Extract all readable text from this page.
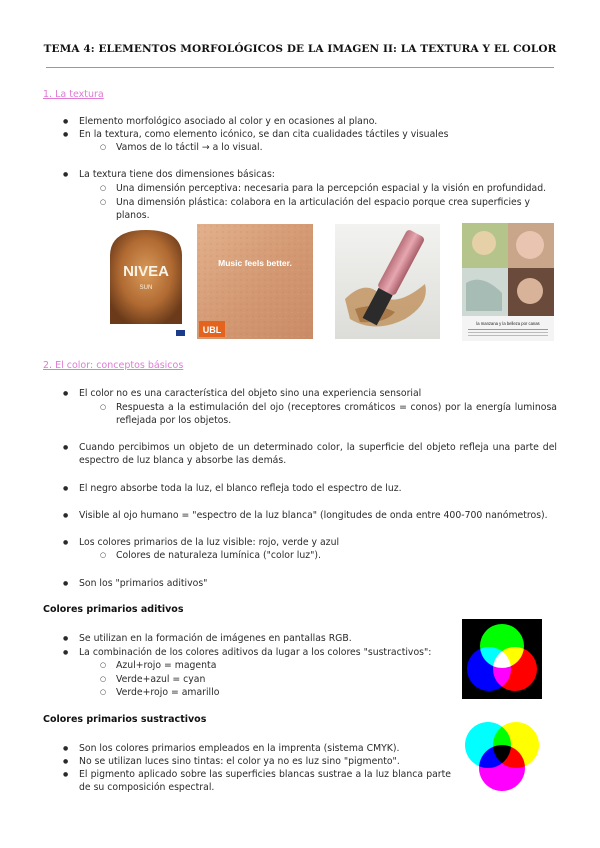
TEMA 4: ELEMENTOS MORFOLÓGICOS DE LA IMAGEN II: LA TEXTURA Y EL COLOR
1. La textura
● Elemento morfológico asociado al color y en ocasiones al plano.
● En la textura, como elemento icónico, se dan cita cualidades táctiles y visuales
○ Vamos de lo táctil → a lo visual.
● La textura tiene dos dimensiones básicas:
○ Una dimensión perceptiva: necesaria para la percepción espacial y la visión en profundidad.
○ Una dimensión plástica: colabora en la articulación del espacio porque crea superficies y planos.
NIVEA
SUN
Music feels better.
UBL
la manzana y la belleza por canas
2. El color: conceptos básicos
● El color no es una característica del objeto sino una experiencia sensorial
○ Respuesta a la estimulación del ojo (receptores cromáticos = conos) por la energía luminosa reflejada por los objetos.
● Cuando percibimos un objeto de un determinado color, la superficie del objeto refleja una parte del espectro de luz blanca y absorbe las demás.
● El negro absorbe toda la luz, el blanco refleja todo el espectro de luz.
● Visible al ojo humano = "espectro de la luz blanca" (longitudes de onda entre 400-700 nanómetros).
● Los colores primarios de la luz visible: rojo, verde y azul
○ Colores de naturaleza lumínica ("color luz").
● Son los "primarios aditivos"
Colores primarios aditivos
● Se utilizan en la formación de imágenes en pantallas RGB.
● La combinación de los colores aditivos da lugar a los colores "sustractivos":
○ Azul+rojo = magenta
○ Verde+azul = cyan
○ Verde+rojo = amarillo
Colores primarios sustractivos
● Son los colores primarios empleados en la imprenta (sistema CMYK).
● No se utilizan luces sino tintas: el color ya no es luz sino "pigmento".
● El pigmento aplicado sobre las superficies blancas sustrae a la luz blanca parte de su composición espectral.
